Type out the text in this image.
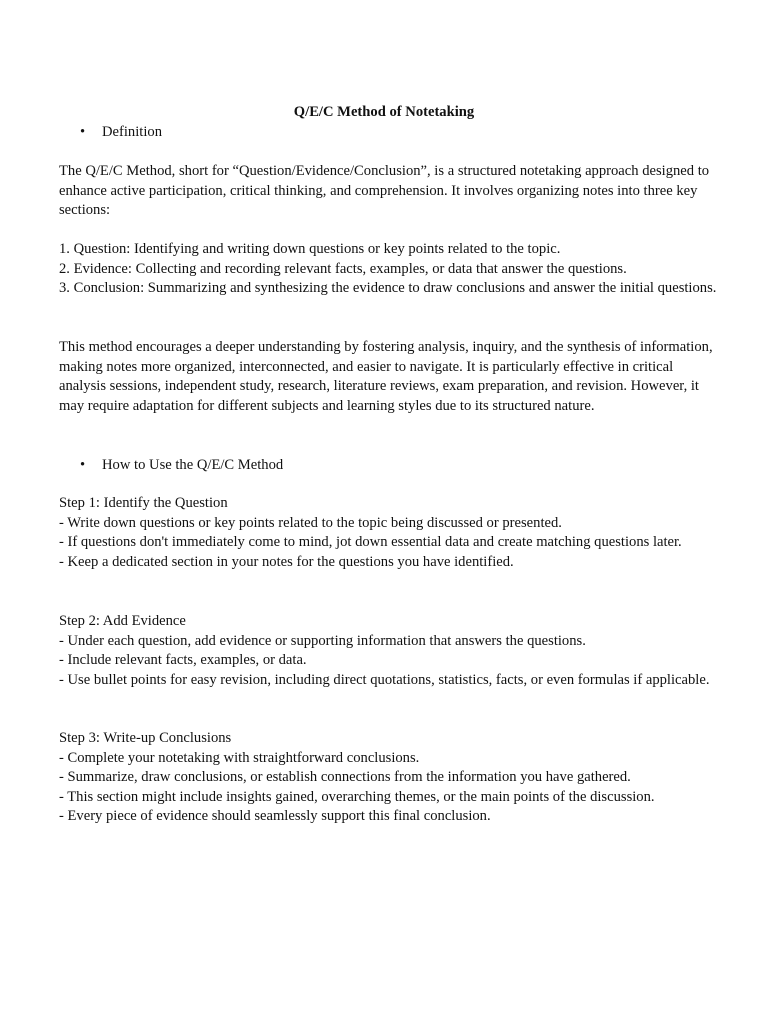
Q/E/C Method of Notetaking
• Definition

The Q/E/C Method, short for “Question/Evidence/Conclusion”, is a structured notetaking approach designed to enhance active participation, critical thinking, and comprehension. It involves organizing notes into three key sections:

1. Question: Identifying and writing down questions or key points related to the topic.

2. Evidence: Collecting and recording relevant facts, examples, or data that answer the questions.

3. Conclusion: Summarizing and synthesizing the evidence to draw conclusions and answer the initial questions.

This method encourages a deeper understanding by fostering analysis, inquiry, and the synthesis of information, making notes more organized, interconnected, and easier to navigate. It is particularly effective in critical analysis sessions, independent study, research, literature reviews, exam preparation, and revision. However, it may require adaptation for different subjects and learning styles due to its structured nature.

• How to Use the Q/E/C Method

Step 1: Identify the Question

- Write down questions or key points related to the topic being discussed or presented.

- If questions don't immediately come to mind, jot down essential data and create matching questions later.

- Keep a dedicated section in your notes for the questions you have identified.

Step 2: Add Evidence

- Under each question, add evidence or supporting information that answers the questions.

- Include relevant facts, examples, or data.

- Use bullet points for easy revision, including direct quotations, statistics, facts, or even formulas if applicable.

Step 3: Write-up Conclusions

- Complete your notetaking with straightforward conclusions.

- Summarize, draw conclusions, or establish connections from the information you have gathered.

- This section might include insights gained, overarching themes, or the main points of the discussion.

- Every piece of evidence should seamlessly support this final conclusion.
